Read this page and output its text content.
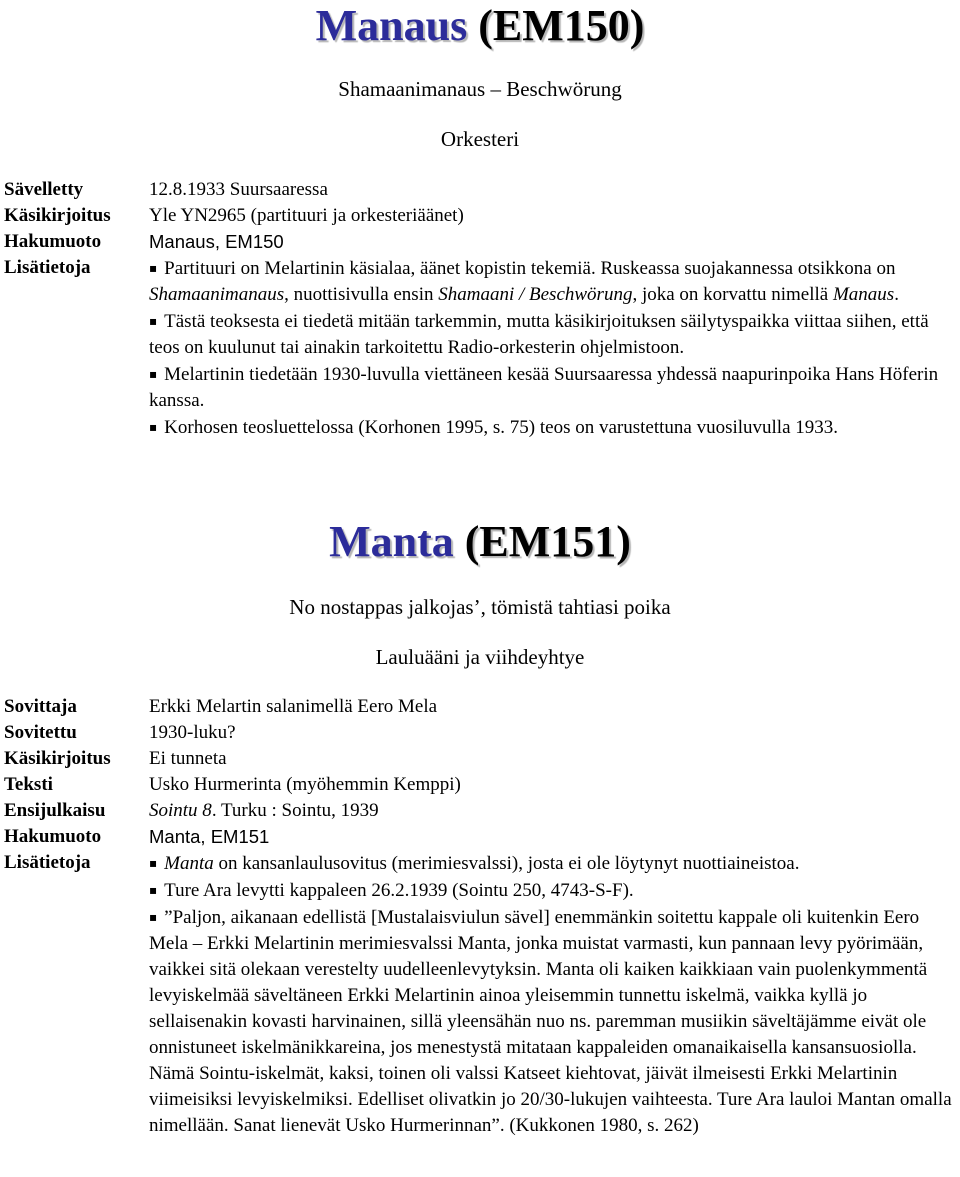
Manaus (EM150)
Shamaanimanaus – Beschwörung
Orkesteri
Sävelletty	12.8.1933 Suursaaressa
Käsikirjoitus	Yle YN2965 (partituuri ja orkesteriäänet)
Hakumuoto	Manaus, EM150
Lisätietoja	▪ Partituuri on Melartinin käsialaa, äänet kopistin tekemiä. Ruskeassa suojakannessa otsikkona on Shamaanimanaus, nuottisivulla ensin Shamaani / Beschwörung, joka on korvattu nimellä Manaus.
▪ Tästä teoksesta ei tiedetä mitään tarkemmin, mutta käsikirjoituksen säilytyspaikka viittaa siihen, että teos on kuulunut tai ainakin tarkoitettu Radio-orkesterin ohjelmistoon.
▪ Melartinin tiedetään 1930-luvulla viettäneen kesää Suursaaressa yhdessä naapurinpoika Hans Höferin kanssa.
▪ Korhosen teosluettelossa (Korhonen 1995, s. 75) teos on varustettuna vuosiluvulla 1933.
Manta (EM151)
No nostappas jalkojas’, tömistä tahtiasi poika
Lauluääni ja viihdeyhtye
Sovittaja	Erkki Melartin salanimellä Eero Mela
Sovitettu	1930-luku?
Käsikirjoitus	Ei tunneta
Teksti	Usko Hurmerinta (myöhemmin Kemppi)
Ensijulkaisu	Sointu 8. Turku : Sointu, 1939
Hakumuoto	Manta, EM151
Lisätietoja	▪ Manta on kansanlaulusovitus (merimiesvalssi), josta ei ole löytynyt nuottiaineistoa.
▪ Ture Ara levytti kappaleen 26.2.1939 (Sointu 250, 4743-S-F).
▪ ”Paljon, aikanaan edellistä [Mustalaisviulun sävel] enemmänkin soitettu kappale oli kuitenkin Eero Mela – Erkki Melartinin merimiesvalssi Manta, jonka muistat varmasti, kun pannaan levy pyörimään, vaikkei sitä olekaan verestelty uudelleenlevytyksin. Manta oli kaiken kaikkiaan vain puolenkymmentä levyiskelmää säveltäneen Erkki Melartinin ainoa yleisemmin tunnettu iskelmä, vaikka kyllä jo sellaisenakin kovasti harvinainen, sillä yleensähän nuo ns. paremman musiikin säveltäjämme eivät ole onnistuneet iskelmänikkareina, jos menestystä mitataan kappaleiden omanaikaisella kansansuosiolla. Nämä Sointu-iskelmät, kaksi, toinen oli valssi Katseet kiehtovat, jäivät ilmeisesti Erkki Melartinin viimeisiksi levyiskelmiksi. Edelliset olivatkin jo 20/30-lukujen vaihteesta. Ture Ara lauloi Mantan omalla nimellään. Sanat lienevät Usko Hurmerinnan”. (Kukkonen 1980, s. 262)
